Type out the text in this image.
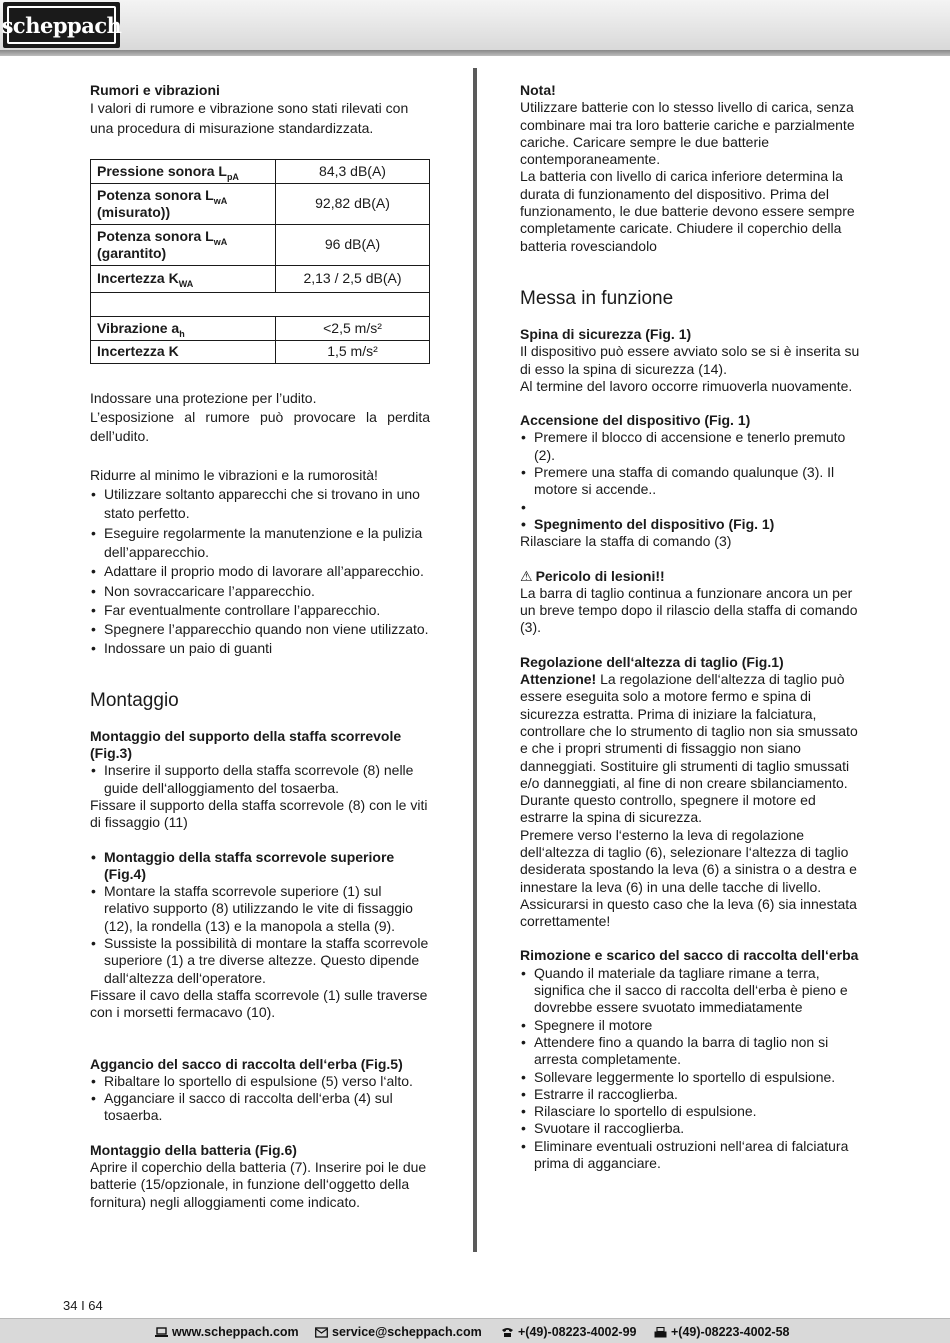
scheppach
Rumori e vibrazioni
I valori di rumore e vibrazione sono stati rilevati con una procedura di misurazione standardizzata.
Pressione sonora $L_{pA}$	84,3 dB(A)
Potenza sonora $L_{wA}$
(misurato))	92,82 dB(A)
Potenza sonora $L_{wA}$
(garantito)	96 dB(A)
Incertezza $K_{WA}$	2,13 / 2,5 dB(A)

Vibrazione $a_h$	<2,5 m/s²
Incertezza K	1,5 m/s²
Indossare una protezione per l’udito.
L’esposizione al rumore può provocare la perdita dell’udito.
Ridurre al minimo le vibrazioni e la rumorosità!
• Utilizzare soltanto apparecchi che si trovano in uno stato perfetto.
• Eseguire regolarmente la manutenzione e la pulizia dell’apparecchio.
• Adattare il proprio modo di lavorare all’apparecchio.
• Non sovraccaricare l’apparecchio.
• Far eventualmente controllare l’apparecchio.
• Spegnere l’apparecchio quando non viene utilizzato.
• Indossare un paio di guanti
Montaggio
Montaggio del supporto della staffa scorrevole (Fig.3)
• Inserire il supporto della staffa scorrevole (8) nelle guide dell‘alloggiamento del tosaerba.
Fissare il supporto della staffa scorrevole (8) con le viti di fissaggio (11)
• Montaggio della staffa scorrevole superiore (Fig.4)
• Montare la staffa scorrevole superiore (1) sul relativo supporto (8) utilizzando le vite di fissaggio (12), la rondella (13) e la manopola a stella (9).
• Sussiste la possibilità di montare la staffa scorrevole superiore (1) a tre diverse altezze. Questo dipende dall‘altezza dell‘operatore.
Fissare il cavo della staffa scorrevole (1) sulle traverse con i morsetti fermacavo (10).
Aggancio del sacco di raccolta dell‘erba (Fig.5)
• Ribaltare lo sportello di espulsione (5) verso l‘alto.
• Agganciare il sacco di raccolta dell‘erba (4) sul tosaerba.
Montaggio della batteria (Fig.6)
Aprire il coperchio della batteria (7). Inserire poi le due batterie (15/opzionale, in funzione dell‘oggetto della fornitura) negli alloggiamenti come indicato.
Nota!
Utilizzare batterie con lo stesso livello di carica, senza combinare mai tra loro batterie cariche e parzialmente cariche. Caricare sempre le due batterie contemporaneamente.
La batteria con livello di carica inferiore determina la durata di funzionamento del dispositivo. Prima del funzionamento, le due batterie devono essere sempre completamente caricate. Chiudere il coperchio della batteria rovesciandolo
Messa in funzione
Spina di sicurezza (Fig. 1)
Il dispositivo può essere avviato solo se si è inserita su di esso la spina di sicurezza (14).
Al termine del lavoro occorre rimuoverla nuovamente.
Accensione del dispositivo (Fig. 1)
• Premere il blocco di accensione e tenerlo premuto (2).
• Premere una staffa di comando qualunque (3). Il motore si accende..
•
• Spegnimento del dispositivo (Fig. 1)
Rilasciare la staffa di comando (3)
⚠ Pericolo di lesioni!!
La barra di taglio continua a funzionare ancora un per un breve tempo dopo il rilascio della staffa di comando (3).
Regolazione dell‘altezza di taglio (Fig.1)
Attenzione! La regolazione dell‘altezza di taglio può essere eseguita solo a motore fermo e spina di sicurezza estratta. Prima di iniziare la falciatura, controllare che lo strumento di taglio non sia smussato e che i propri strumenti di fissaggio non siano danneggiati. Sostituire gli strumenti di taglio smussati e/o danneggiati, al fine di non creare sbilanciamento. Durante questo controllo, spegnere il motore ed estrarre la spina di sicurezza.
Premere verso l‘esterno la leva di regolazione dell‘altezza di taglio (6), selezionare l‘altezza di taglio desiderata spostando la leva (6) a sinistra o a destra e innestare la leva (6) in una delle tacche di livello.
Assicurarsi in questo caso che la leva (6) sia innestata correttamente!
Rimozione e scarico del sacco di raccolta dell‘erba
• Quando il materiale da tagliare rimane a terra, significa che il sacco di raccolta dell‘erba è pieno e dovrebbe essere svuotato immediatamente
• Spegnere il motore
• Attendere fino a quando la barra di taglio non si arresta completamente.
• Sollevare leggermente lo sportello di espulsione.
• Estrarre il raccoglierba.
• Rilasciare lo sportello di espulsione.
• Svuotare il raccoglierba.
• Eliminare eventuali ostruzioni nell‘area di falciatura prima di agganciare.
34 I 64
www.scheppach.com	service@scheppach.com	+(49)-08223-4002-99	+(49)-08223-4002-58
